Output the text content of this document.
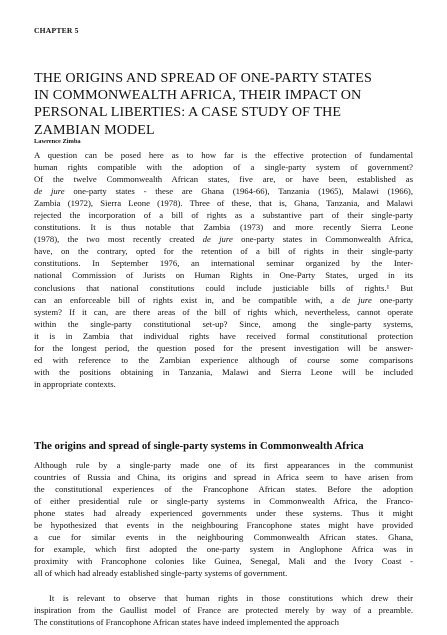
CHAPTER 5
THE ORIGINS AND SPREAD OF ONE-PARTY STATES
IN COMMONWEALTH AFRICA, THEIR IMPACT ON
PERSONAL LIBERTIES: A CASE STUDY OF THE
ZAMBIAN MODEL
Lawrence Zimba
A question can be posed here as to how far is the effective protection of fundamental
human rights compatible with the adoption of a single-party system of government?
Of the twelve Commonwealth African states, five are, or have been, established as
de jure one-party states - these are Ghana (1964-66), Tanzania (1965), Malawi (1966),
Zambia (1972), Sierra Leone (1978). Three of these, that is, Ghana, Tanzania, and Malawi
rejected the incorporation of a bill of rights as a substantive part of their single-party
constitutions. It is thus notable that Zambia (1973) and more recently Sierra Leone
(1978), the two most recently created de jure one-party states in Commonwealth Africa,
have, on the contrary, opted for the retention of a bill of rights in their single-party
constitutions. In September 1976, an international seminar organized by the Inter-
national Commission of Jurists on Human Rights in One-Party States, urged in its
conclusions that national constitutions could include justiciable bills of rights.¹ But
can an enforceable bill of rights exist in, and be compatible with, a de jure one-party
system? If it can, are there areas of the bill of rights which, nevertheless, cannot operate
within the single-party constitutional set-up? Since, among the single-party systems,
it is in Zambia that individual rights have received formal constitutional protection
for the longest period, the question posed for the present investigation will be answer-
ed with reference to the Zambian experience although of course some comparisons
with the positions obtaining in Tanzania, Malawi and Sierra Leone will be included
in appropriate contexts.
The origins and spread of single-party systems in Commonwealth Africa
Although rule by a single-party made one of its first appearances in the communist
countries of Russia and China, its origins and spread in Africa seem to have arisen from
the constitutional experiences of the Francophone African states. Before the adoption
of either presidential rule or single-party systems in Commonwealth Africa, the Franco-
phone states had already experienced governments under these systems. Thus it might
be hypothesized that events in the neighbouring Francophone states might have provided
a cue for similar events in the neighbouring Commonwealth African states. Ghana,
for example, which first adopted the one-party system in Anglophone Africa was in
proximity with Francophone colonies like Guinea, Senegal, Mali and the Ivory Coast -
all of which had already established single-party systems of government.
It is relevant to observe that human rights in those constitutions which drew their
inspiration from the Gaullist model of France are protected merely by way of a preamble.
The constitutions of Francophone African states have indeed implemented the approach
